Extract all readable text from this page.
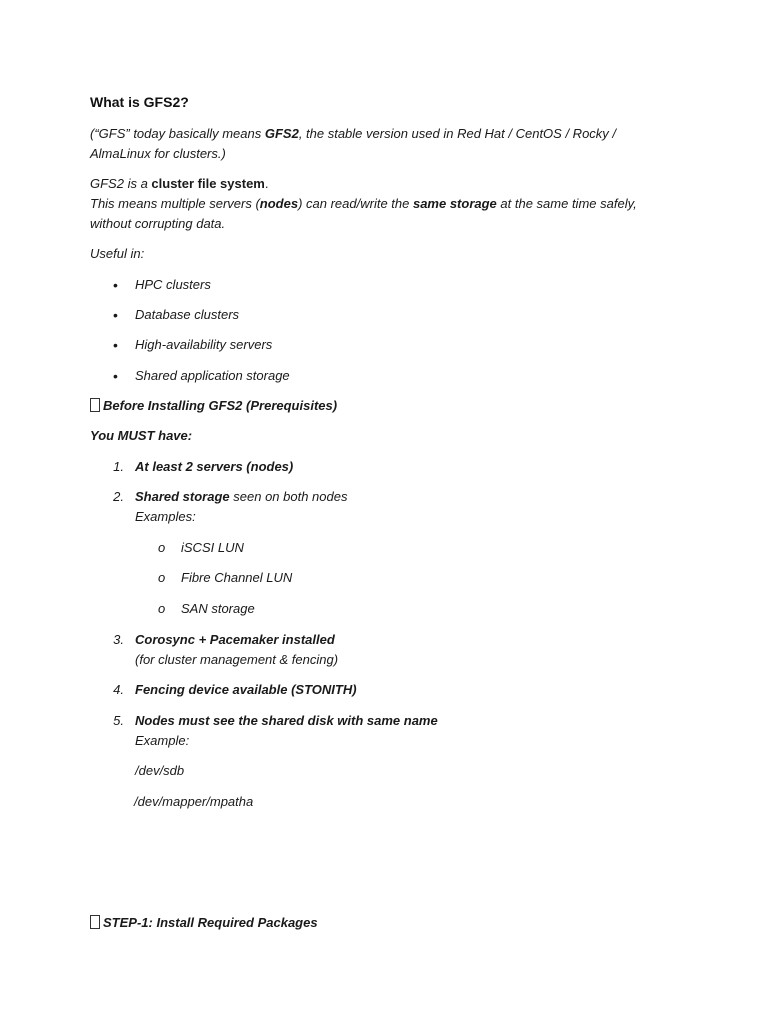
What is GFS2?
(“GFS” today basically means GFS2, the stable version used in Red Hat / CentOS / Rocky / AlmaLinux for clusters.)
GFS2 is a cluster file system.
This means multiple servers (nodes) can read/write the same storage at the same time safely, without corrupting data.
Useful in:
• HPC clusters
• Database clusters
• High-availability servers
• Shared application storage
Before Installing GFS2 (Prerequisites)
You MUST have:
1. At least 2 servers (nodes)
2. Shared storage seen on both nodes
Examples:
o iSCSI LUN
o Fibre Channel LUN
o SAN storage
3. Corosync + Pacemaker installed
(for cluster management & fencing)
4. Fencing device available (STONITH)
5. Nodes must see the shared disk with same name
Example:
/dev/sdb
/dev/mapper/mpatha
STEP-1: Install Required Packages
